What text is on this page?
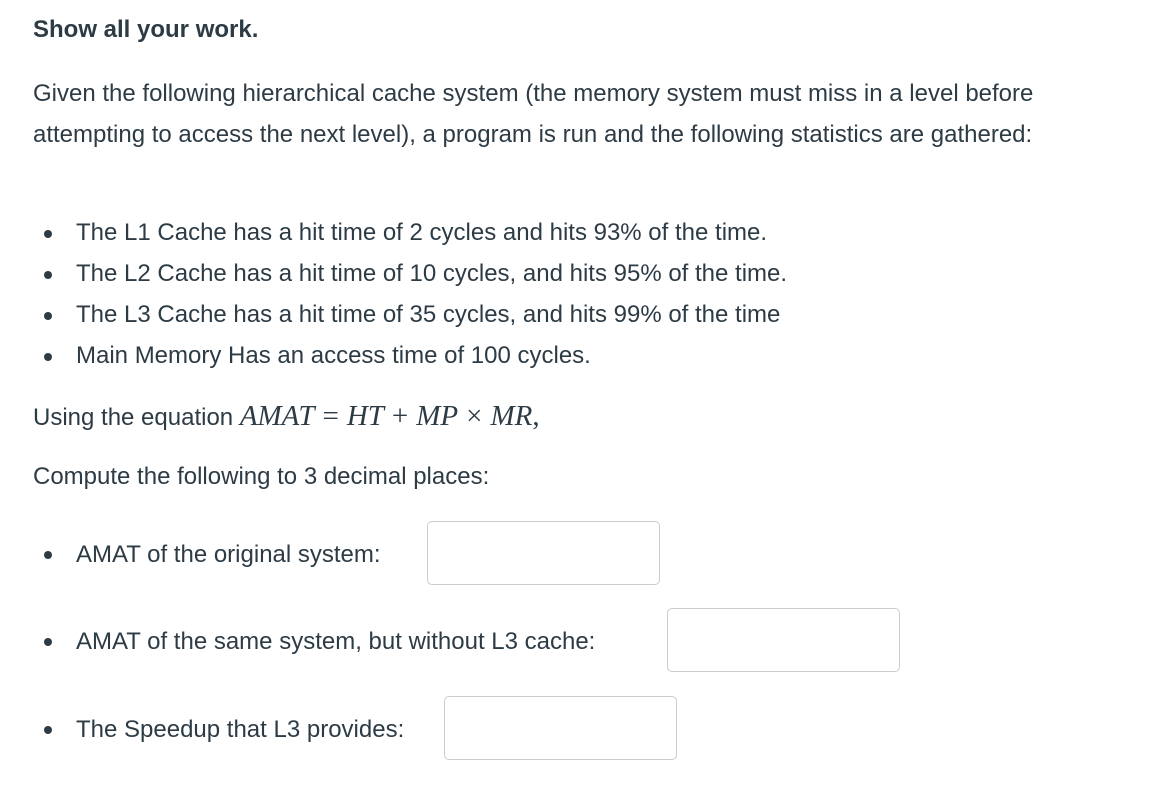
Show all your work.
Given the following hierarchical cache system (the memory system must miss in a level before attempting to access the next level), a program is run and the following statistics are gathered:
The L1 Cache has a hit time of 2 cycles and hits 93% of the time.
The L2 Cache has a hit time of 10 cycles, and hits 95% of the time.
The L3 Cache has a hit time of 35 cycles, and hits 99% of the time
Main Memory Has an access time of 100 cycles.
Using the equation AMAT = HT + MP × MR,
Compute the following to 3 decimal places:
AMAT of the original system:
AMAT of the same system, but without L3 cache:
The Speedup that L3 provides:
